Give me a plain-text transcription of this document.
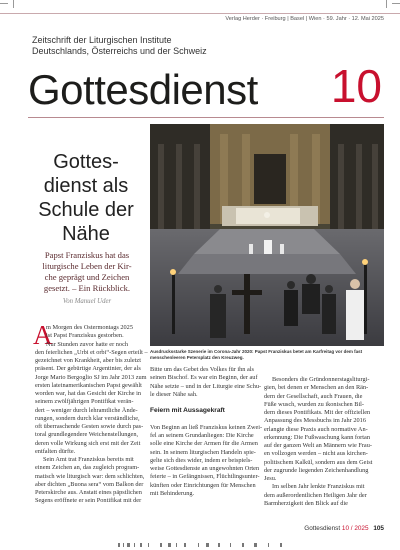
Verlag Herder · Freiburg | Basel | Wien · 59. Jahr · 12. Mai 2025
Zeitschrift der Liturgischen Institute
Deutschlands, Österreichs und der Schweiz
Gottesdienst 10
Gottes-
dienst als
Schule der
Nähe
Papst Franziskus hat das
liturgische Leben der Kir-
che geprägt und Zeichen
gesetzt. – Ein Rückblick.
Von Manuel Uder
Ausdrucksstarke Szenerie im Corona-Jahr 2020: Papst Franziskus betet am Karfreitag vor dem fast
menschenleeren Petersplatz den Kreuzweg.
A
m Morgen des Ostermontags 2025
ist Papst Franziskus gestorben.
Nur Stunden zuvor hatte er noch
den feierlichen „Urbi et orbi“-Segen erteilt –
gezeichnet von Krankheit, aber bis zuletzt
präsent. Der gebürtige Argentinier, der als
Jorge Mario Bergoglio SJ im Jahr 2013 zum
ersten lateinamerikanischen Papst gewählt
worden war, hat das Gesicht der Kirche in
seinem zwölfjährigen Pontifikat verän-
dert – weniger durch lehramtliche Ände-
rungen, sondern durch klar verständliche,
oft überraschende Gesten sowie durch pas-
toral grundlegendere Weichenstellungen,
deren volle Wirkung sich erst mit der Zeit
entfalten dürfte.
Sein Amt trat Franziskus bereits mit
einem Zeichen an, das zugleich program-
matisch wie liturgisch war: dem schlichten,
aber dichten „Buona sera“ vom Balkon der
Peterskirche aus. Anstatt eines päpstlichen
Segens eröffnete er sein Pontifikat mit der
Bitte um das Gebet des Volkes für ihn als
seinen Bischof. Es war ein Beginn, der auf
Nähe setzte – und in der Liturgie eine Schu-
le dieser Nähe sah.

Feiern mit Aussagekraft

Von Beginn an ließ Franziskus keinen Zwei-
fel an seinem Grundanliegen: Die Kirche
solle eine Kirche der Armen für die Armen
sein. In seinem liturgischen Handeln spie-
gelte sich dies wider, indem er beispiels-
weise Gottesdienste an ungewohnten Orten
feierte – in Gefängnissen, Flüchtlingsunter-
künften oder Einrichtungen für Menschen
mit Behinderung.
Besonders die Gründonnerstagsliturgi-
gien, bei denen er Menschen an den Rän-
dern der Gesellschaft, auch Frauen, die
Füße wusch, wurden zu ikonischen Bil-
dern dieses Pontifikats. Mit der offiziellen
Anpassung des Messbuchs im Jahr 2016
erlangte diese Praxis auch normative An-
erkennung: Die Fußwaschung kann fortan
auf der ganzen Welt an Männern wie Frau-
en vollzogen werden – nicht aus kirchen-
politischem Kalkül, sondern aus dem Geist
der zugrunde liegenden Zeichenhandlung
Jesu.
Im selben Jahr lenkte Franziskus mit
dem außerordentlichen Heiligen Jahr der
Barmherzigkeit den Blick auf die
Gottesdienst 10 / 2025 105
